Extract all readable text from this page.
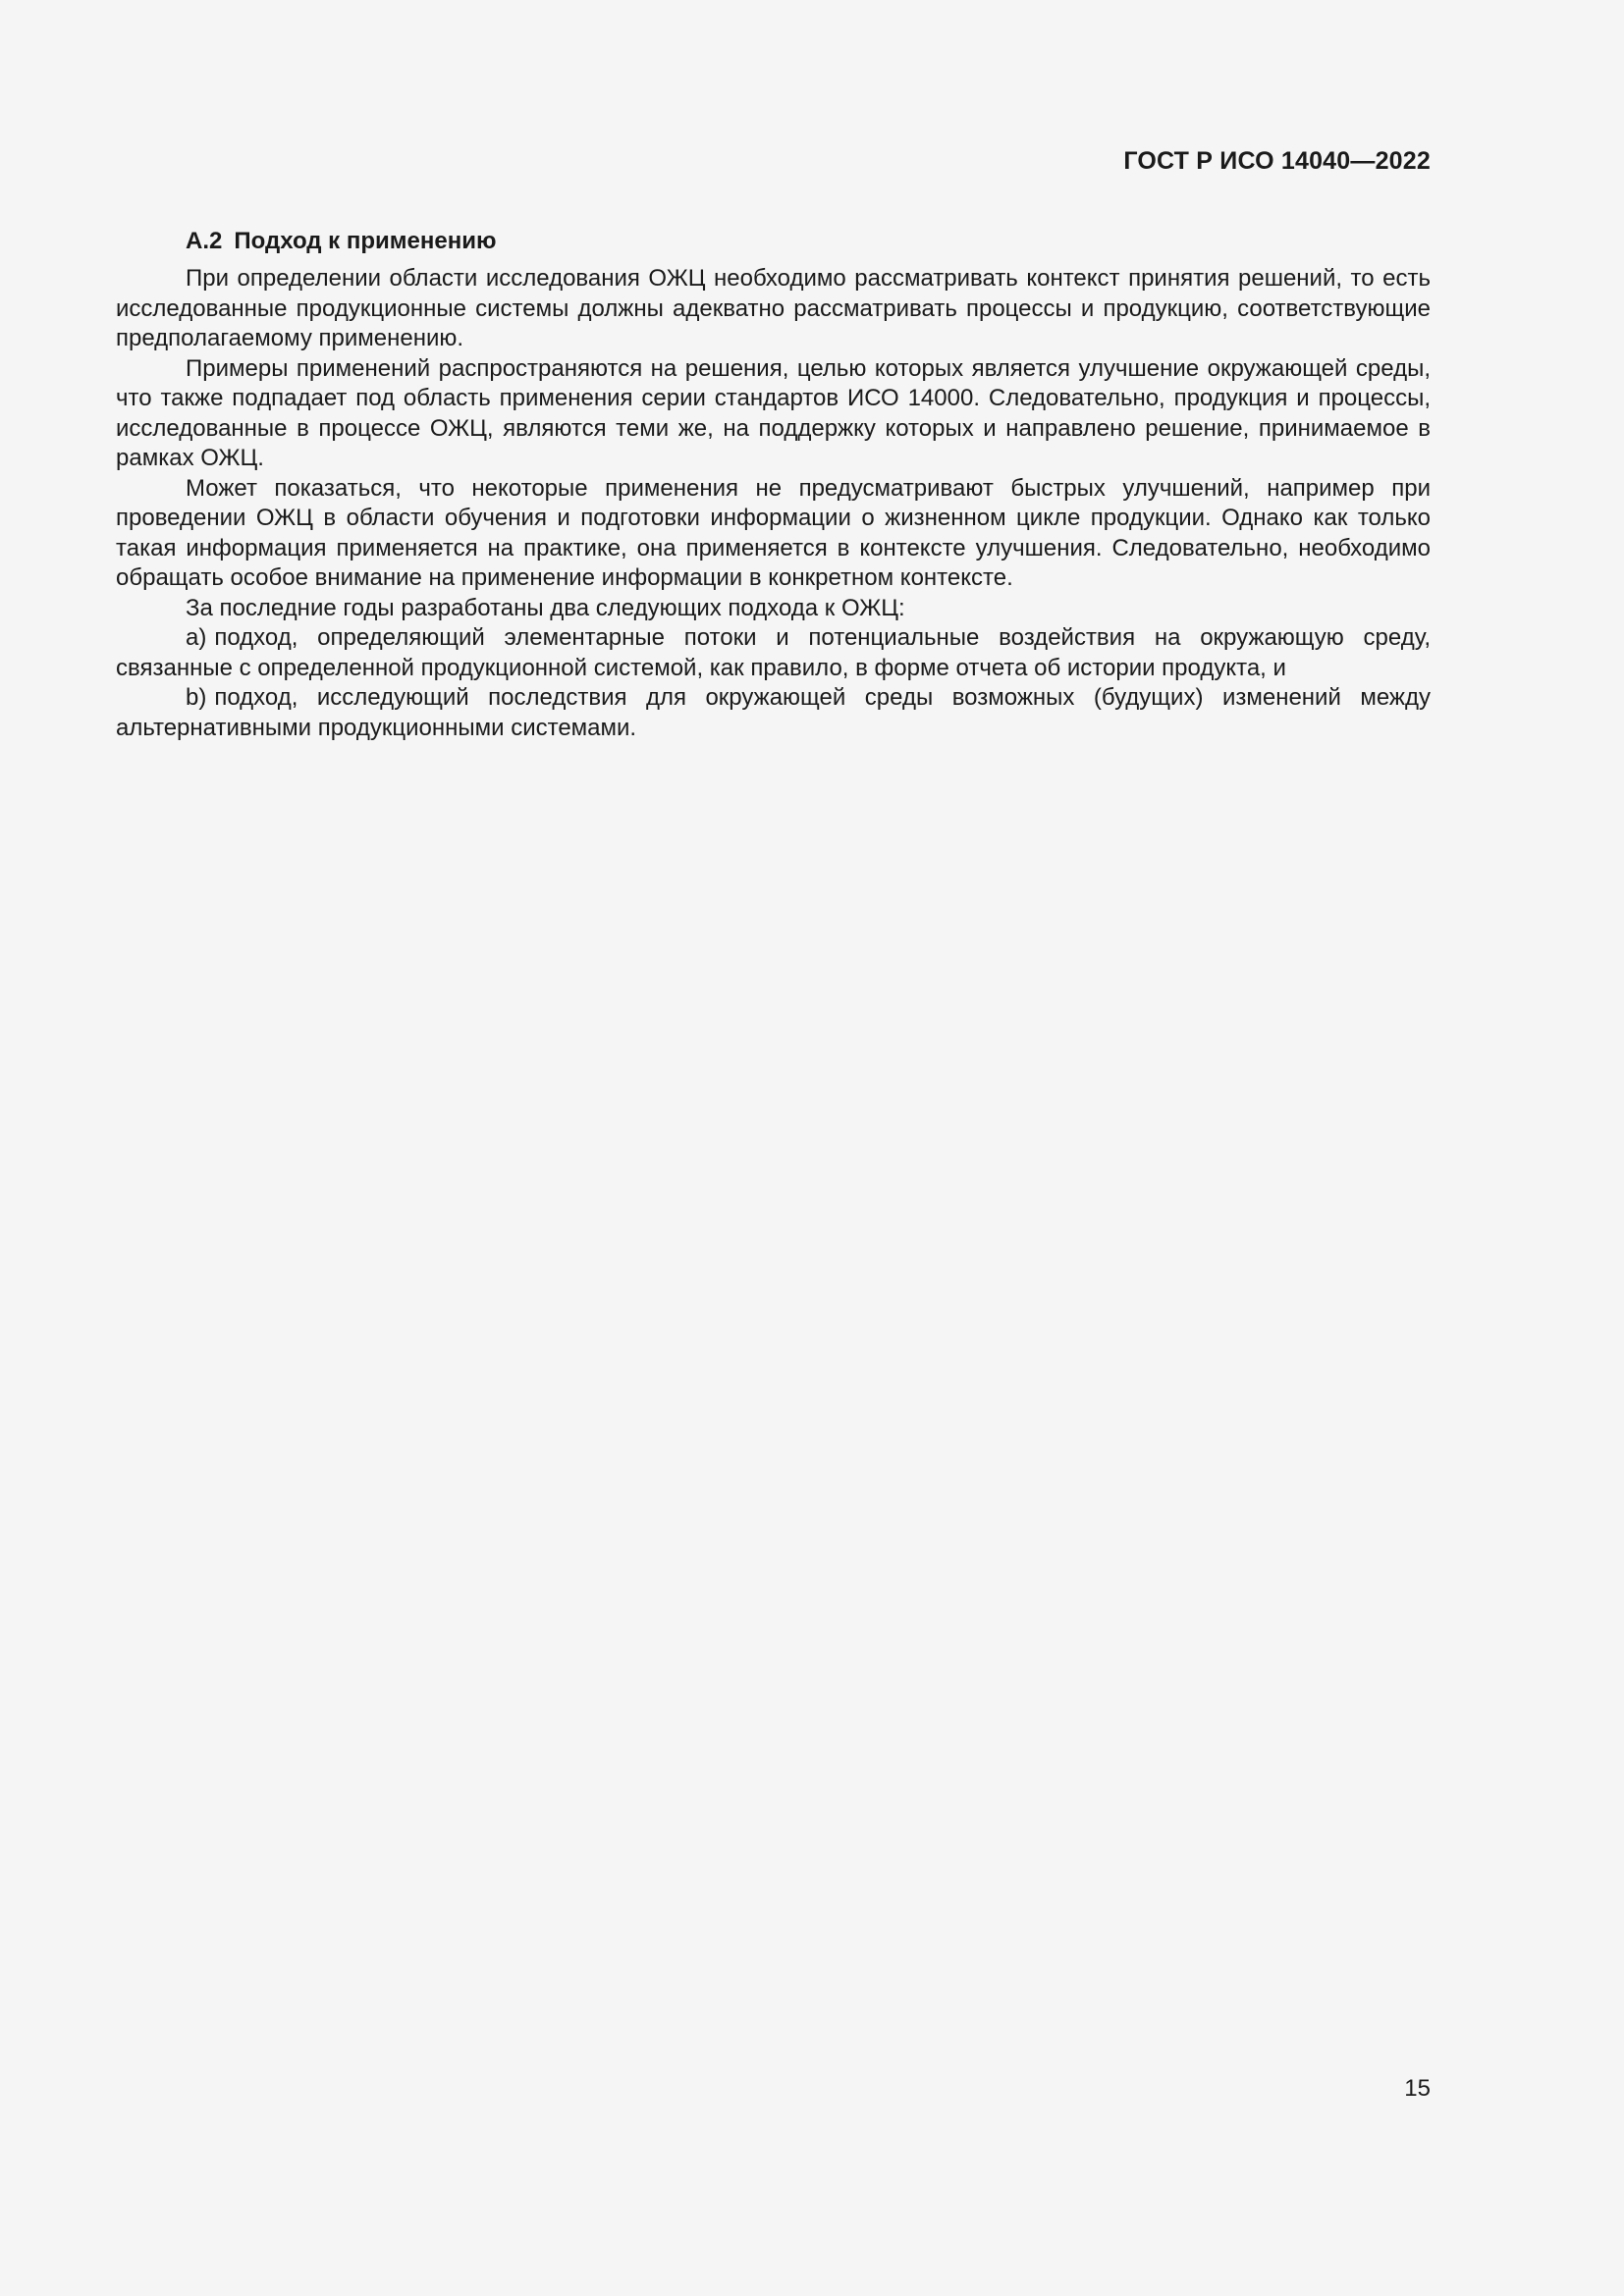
ГОСТ Р ИСО 14040—2022
А.2 Подход к применению

При определении области исследования ОЖЦ необходимо рассматривать контекст принятия решений, то есть исследованные продукционные системы должны адекватно рассматривать процессы и продукцию, соответствующие предполагаемому применению.

Примеры применений распространяются на решения, целью которых является улучшение окружающей среды, что также подпадает под область применения серии стандартов ИСО 14000. Следовательно, продукция и процессы, исследованные в процессе ОЖЦ, являются теми же, на поддержку которых и направлено решение, принимаемое в рамках ОЖЦ.

Может показаться, что некоторые применения не предусматривают быстрых улучшений, например при проведении ОЖЦ в области обучения и подготовки информации о жизненном цикле продукции. Однако как только такая информация применяется на практике, она применяется в контексте улучшения. Следовательно, необходимо обращать особое внимание на применение информации в конкретном контексте.

За последние годы разработаны два следующих подхода к ОЖЦ:

a) подход, определяющий элементарные потоки и потенциальные воздействия на окружающую среду, связанные с определенной продукционной системой, как правило, в форме отчета об истории продукта, и

b) подход, исследующий последствия для окружающей среды возможных (будущих) изменений между альтернативными продукционными системами.

15
